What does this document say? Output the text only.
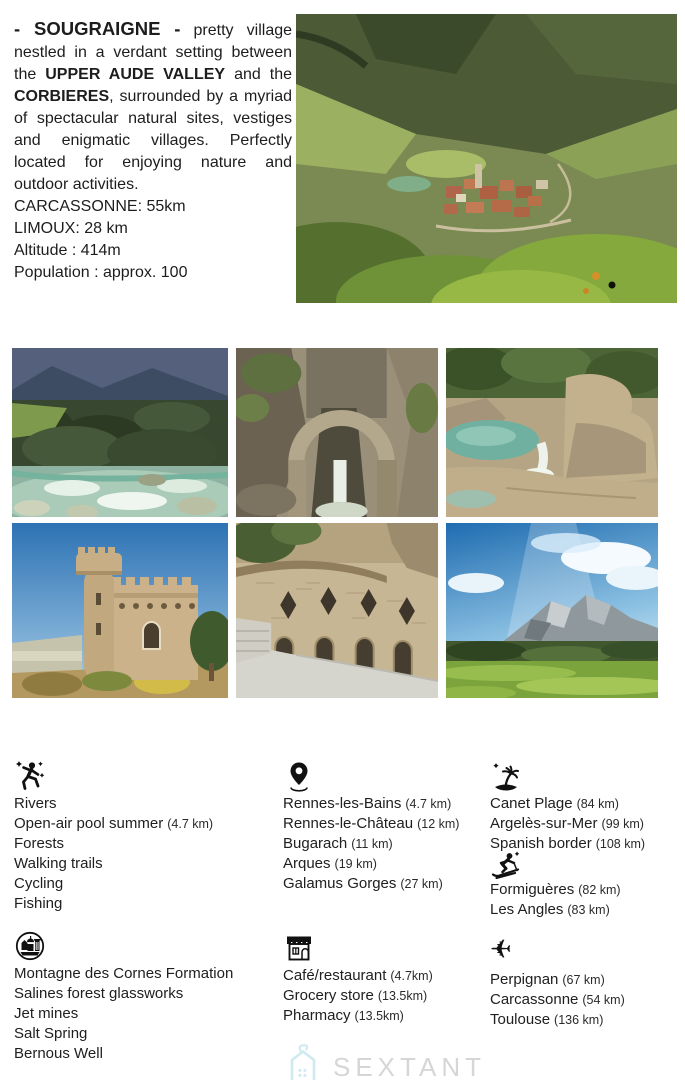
- SOUGRAIGNE - pretty village nestled in a verdant setting between the UPPER AUDE VALLEY and the CORBIERES, surrounded by a myriad of spectacular natural sites, vestiges and enigmatic villages. Perfectly located for enjoying nature and outdoor activities.

CARCASSONNE: 55km
LIMOUX: 28 km
Altitude : 414m
Population : approx. 100
Rivers
Open-air pool summer (4.7 km)
Forests
Walking trails
Cycling
Fishing
Montagne des Cornes Formation
Salines forest glassworks
Jet mines
Salt Spring
Bernous Well
Rennes-les-Bains (4.7 km)
Rennes-le-Château (12 km)
Bugarach (11 km)
Arques (19 km)
Galamus Gorges (27 km)
Café/restaurant (4.7km)
Grocery store (13.5km)
Pharmacy (13.5km)
Canet Plage (84 km)
Argelès-sur-Mer (99 km)
Spanish border (108 km)
Formiguères (82 km)
Les Angles (83 km)
✈
Perpignan (67 km)
Carcassonne (54 km)
Toulouse (136 km)
SEXTANT
